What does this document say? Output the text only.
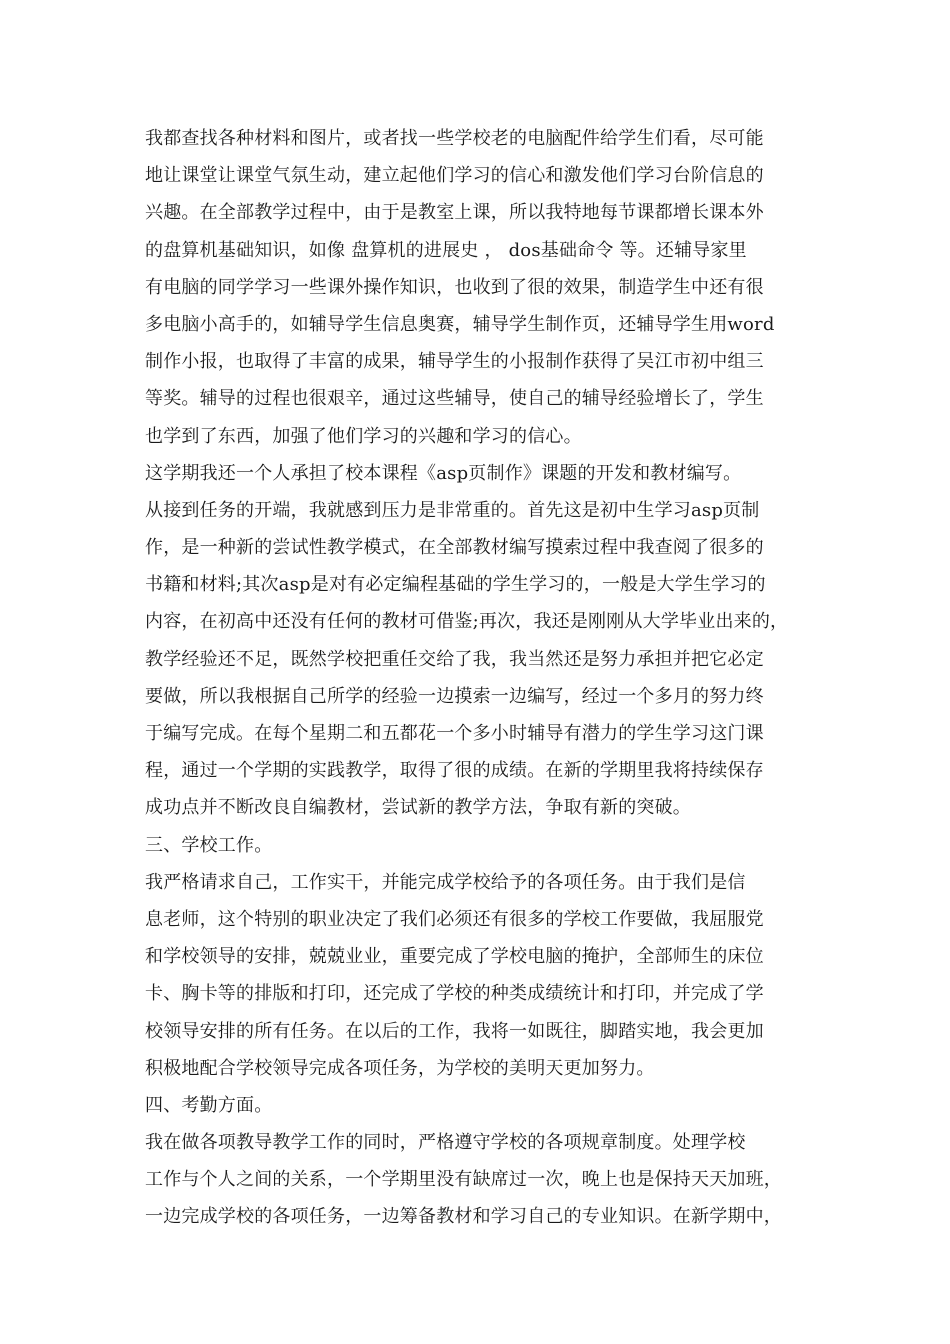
我都查找各种材料和图片，或者找一些学校老的电脑配件给学生们看，尽可能
地让课堂让课堂气氛生动，建立起他们学习的信心和激发他们学习台阶信息的
兴趣。在全部教学过程中，由于是教室上课，所以我特地每节课都增长课本外
的盘算机基础知识，如像 盘算机的进展史 ， dos基础命令 等。还辅导家里
有电脑的同学学习一些课外操作知识，也收到了很的效果，制造学生中还有很
多电脑小高手的，如辅导学生信息奥赛，辅导学生制作页，还辅导学生用word
制作小报，也取得了丰富的成果，辅导学生的小报制作获得了吴江市初中组三
等奖。辅导的过程也很艰辛，通过这些辅导，使自己的辅导经验增长了，学生
也学到了东西，加强了他们学习的兴趣和学习的信心。
这学期我还一个人承担了校本课程《asp页制作》课题的开发和教材编写。
从接到任务的开端，我就感到压力是非常重的。首先这是初中生学习asp页制
作，是一种新的尝试性教学模式，在全部教材编写摸索过程中我查阅了很多的
书籍和材料;其次asp是对有必定编程基础的学生学习的，一般是大学生学习的
内容，在初高中还没有任何的教材可借鉴;再次，我还是刚刚从大学毕业出来的，
教学经验还不足，既然学校把重任交给了我，我当然还是努力承担并把它必定
要做，所以我根据自己所学的经验一边摸索一边编写，经过一个多月的努力终
于编写完成。在每个星期二和五都花一个多小时辅导有潜力的学生学习这门课
程，通过一个学期的实践教学，取得了很的成绩。在新的学期里我将持续保存
成功点并不断改良自编教材，尝试新的教学方法，争取有新的突破。
三、学校工作。
我严格请求自己，工作实干，并能完成学校给予的各项任务。由于我们是信
息老师，这个特别的职业决定了我们必须还有很多的学校工作要做，我屈服党
和学校领导的安排，兢兢业业，重要完成了学校电脑的掩护，全部师生的床位
卡、胸卡等的排版和打印，还完成了学校的种类成绩统计和打印，并完成了学
校领导安排的所有任务。在以后的工作，我将一如既往，脚踏实地，我会更加
积极地配合学校领导完成各项任务，为学校的美明天更加努力。
四、考勤方面。
我在做各项教导教学工作的同时，严格遵守学校的各项规章制度。处理学校
工作与个人之间的关系，一个学期里没有缺席过一次，晚上也是保持天天加班，
一边完成学校的各项任务，一边筹备教材和学习自己的专业知识。在新学期中，
